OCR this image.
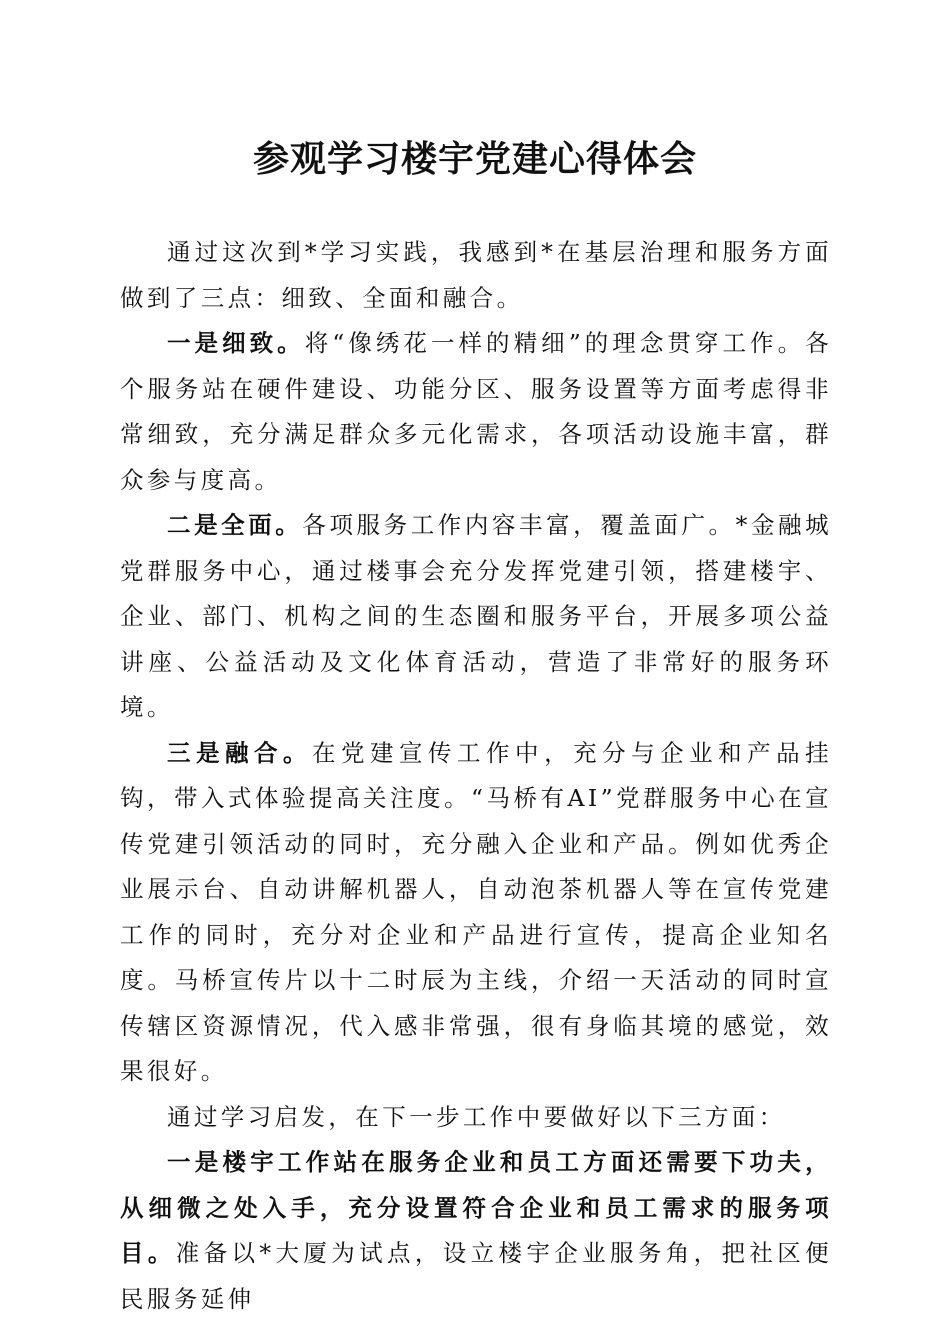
参观学习楼宇党建心得体会

通过这次到*学习实践，我感到*在基层治理和服务方面做到了三点：细致、全面和融合。

一是细致。将“像绣花一样的精细”的理念贯穿工作。各个服务站在硬件建设、功能分区、服务设置等方面考虑得非常细致，充分满足群众多元化需求，各项活动设施丰富，群众参与度高。

二是全面。各项服务工作内容丰富，覆盖面广。*金融城党群服务中心，通过楼事会充分发挥党建引领，搭建楼宇、企业、部门、机构之间的生态圈和服务平台，开展多项公益讲座、公益活动及文化体育活动，营造了非常好的服务环境。

三是融合。在党建宣传工作中，充分与企业和产品挂钩，带入式体验提高关注度。“马桥有AI”党群服务中心在宣传党建引领活动的同时，充分融入企业和产品。例如优秀企业展示台、自动讲解机器人，自动泡茶机器人等在宣传党建工作的同时，充分对企业和产品进行宣传，提高企业知名度。马桥宣传片以十二时辰为主线，介绍一天活动的同时宣传辖区资源情况，代入感非常强，很有身临其境的感觉，效果很好。

通过学习启发，在下一步工作中要做好以下三方面：

一是楼宇工作站在服务企业和员工方面还需要下功夫，从细微之处入手，充分设置符合企业和员工需求的服务项目。准备以*大厦为试点，设立楼宇企业服务角，把社区便民服务延伸
